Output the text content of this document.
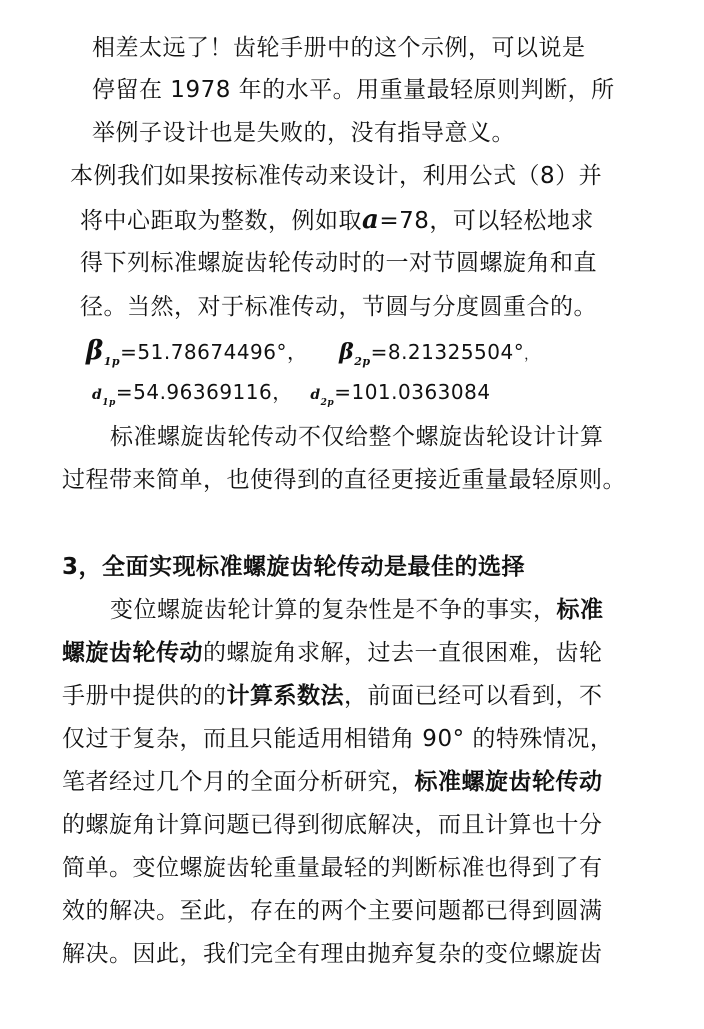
相差太远了！齿轮手册中的这个示例，可以说是
停留在 1978 年的水平。用重量最轻原则判断，所
举例子设计也是失败的，没有指导意义。
本例我们如果按标准传动来设计，利用公式（8）并
将中心距取为整数，例如取a=78，可以轻松地求
得下列标准螺旋齿轮传动时的一对节圆螺旋角和直
径。当然，对于标准传动，节圆与分度圆重合的。
$\beta_{1p}=51.78674496^\circ$， $\beta_{2p}=8.21325504^\circ$，
$d_{1p}=54.96369116$， $d_{2p}=101.0363084$
标准螺旋齿轮传动不仅给整个螺旋齿轮设计计算
过程带来简单，也使得到的直径更接近重量最轻原则。
3，全面实现标准螺旋齿轮传动是最佳的选择
变位螺旋齿轮计算的复杂性是不争的事实，标准
螺旋齿轮传动的螺旋角求解，过去一直很困难，齿轮
手册中提供的的计算系数法，前面已经可以看到，不
仅过于复杂，而且只能适用相错角 90° 的特殊情况，
笔者经过几个月的全面分析研究，标准螺旋齿轮传动
的螺旋角计算问题已得到彻底解决，而且计算也十分
简单。变位螺旋齿轮重量最轻的判断标准也得到了有
效的解决。至此，存在的两个主要问题都已得到圆满
解决。因此，我们完全有理由抛弃复杂的变位螺旋齿
